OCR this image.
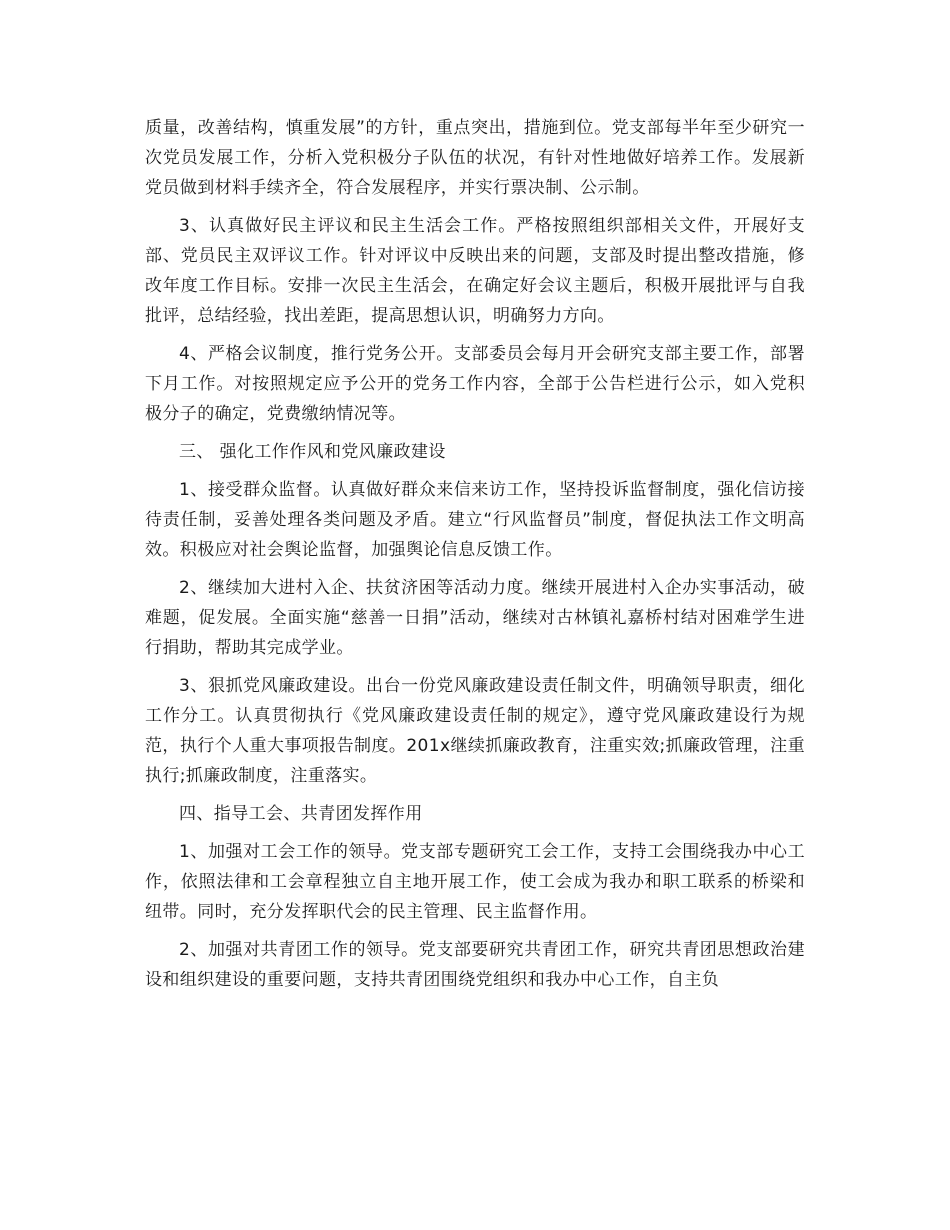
质量，改善结构，慎重发展”的方针，重点突出，措施到位。党支部每半年至少研究一次党员发展工作，分析入党积极分子队伍的状况，有针对性地做好培养工作。发展新党员做到材料手续齐全，符合发展程序，并实行票决制、公示制。

3、认真做好民主评议和民主生活会工作。严格按照组织部相关文件，开展好支部、党员民主双评议工作。针对评议中反映出来的问题，支部及时提出整改措施，修改年度工作目标。安排一次民主生活会，在确定好会议主题后，积极开展批评与自我批评，总结经验，找出差距，提高思想认识，明确努力方向。

4、严格会议制度，推行党务公开。支部委员会每月开会研究支部主要工作，部署下月工作。对按照规定应予公开的党务工作内容，全部于公告栏进行公示，如入党积极分子的确定，党费缴纳情况等。

三、 强化工作作风和党风廉政建设

1、接受群众监督。认真做好群众来信来访工作，坚持投诉监督制度，强化信访接待责任制，妥善处理各类问题及矛盾。建立“行风监督员”制度，督促执法工作文明高效。积极应对社会舆论监督，加强舆论信息反馈工作。

2、继续加大进村入企、扶贫济困等活动力度。继续开展进村入企办实事活动，破难题，促发展。全面实施“慈善一日捐”活动，继续对古林镇礼嘉桥村结对困难学生进行捐助，帮助其完成学业。

3、狠抓党风廉政建设。出台一份党风廉政建设责任制文件，明确领导职责，细化工作分工。认真贯彻执行《党风廉政建设责任制的规定》，遵守党风廉政建设行为规范，执行个人重大事项报告制度。201x继续抓廉政教育，注重实效;抓廉政管理，注重执行;抓廉政制度，注重落实。

四、指导工会、共青团发挥作用

1、加强对工会工作的领导。党支部专题研究工会工作，支持工会围绕我办中心工作，依照法律和工会章程独立自主地开展工作，使工会成为我办和职工联系的桥梁和纽带。同时，充分发挥职代会的民主管理、民主监督作用。

2、加强对共青团工作的领导。党支部要研究共青团工作，研究共青团思想政治建设和组织建设的重要问题，支持共青团围绕党组织和我办中心工作，自主负
